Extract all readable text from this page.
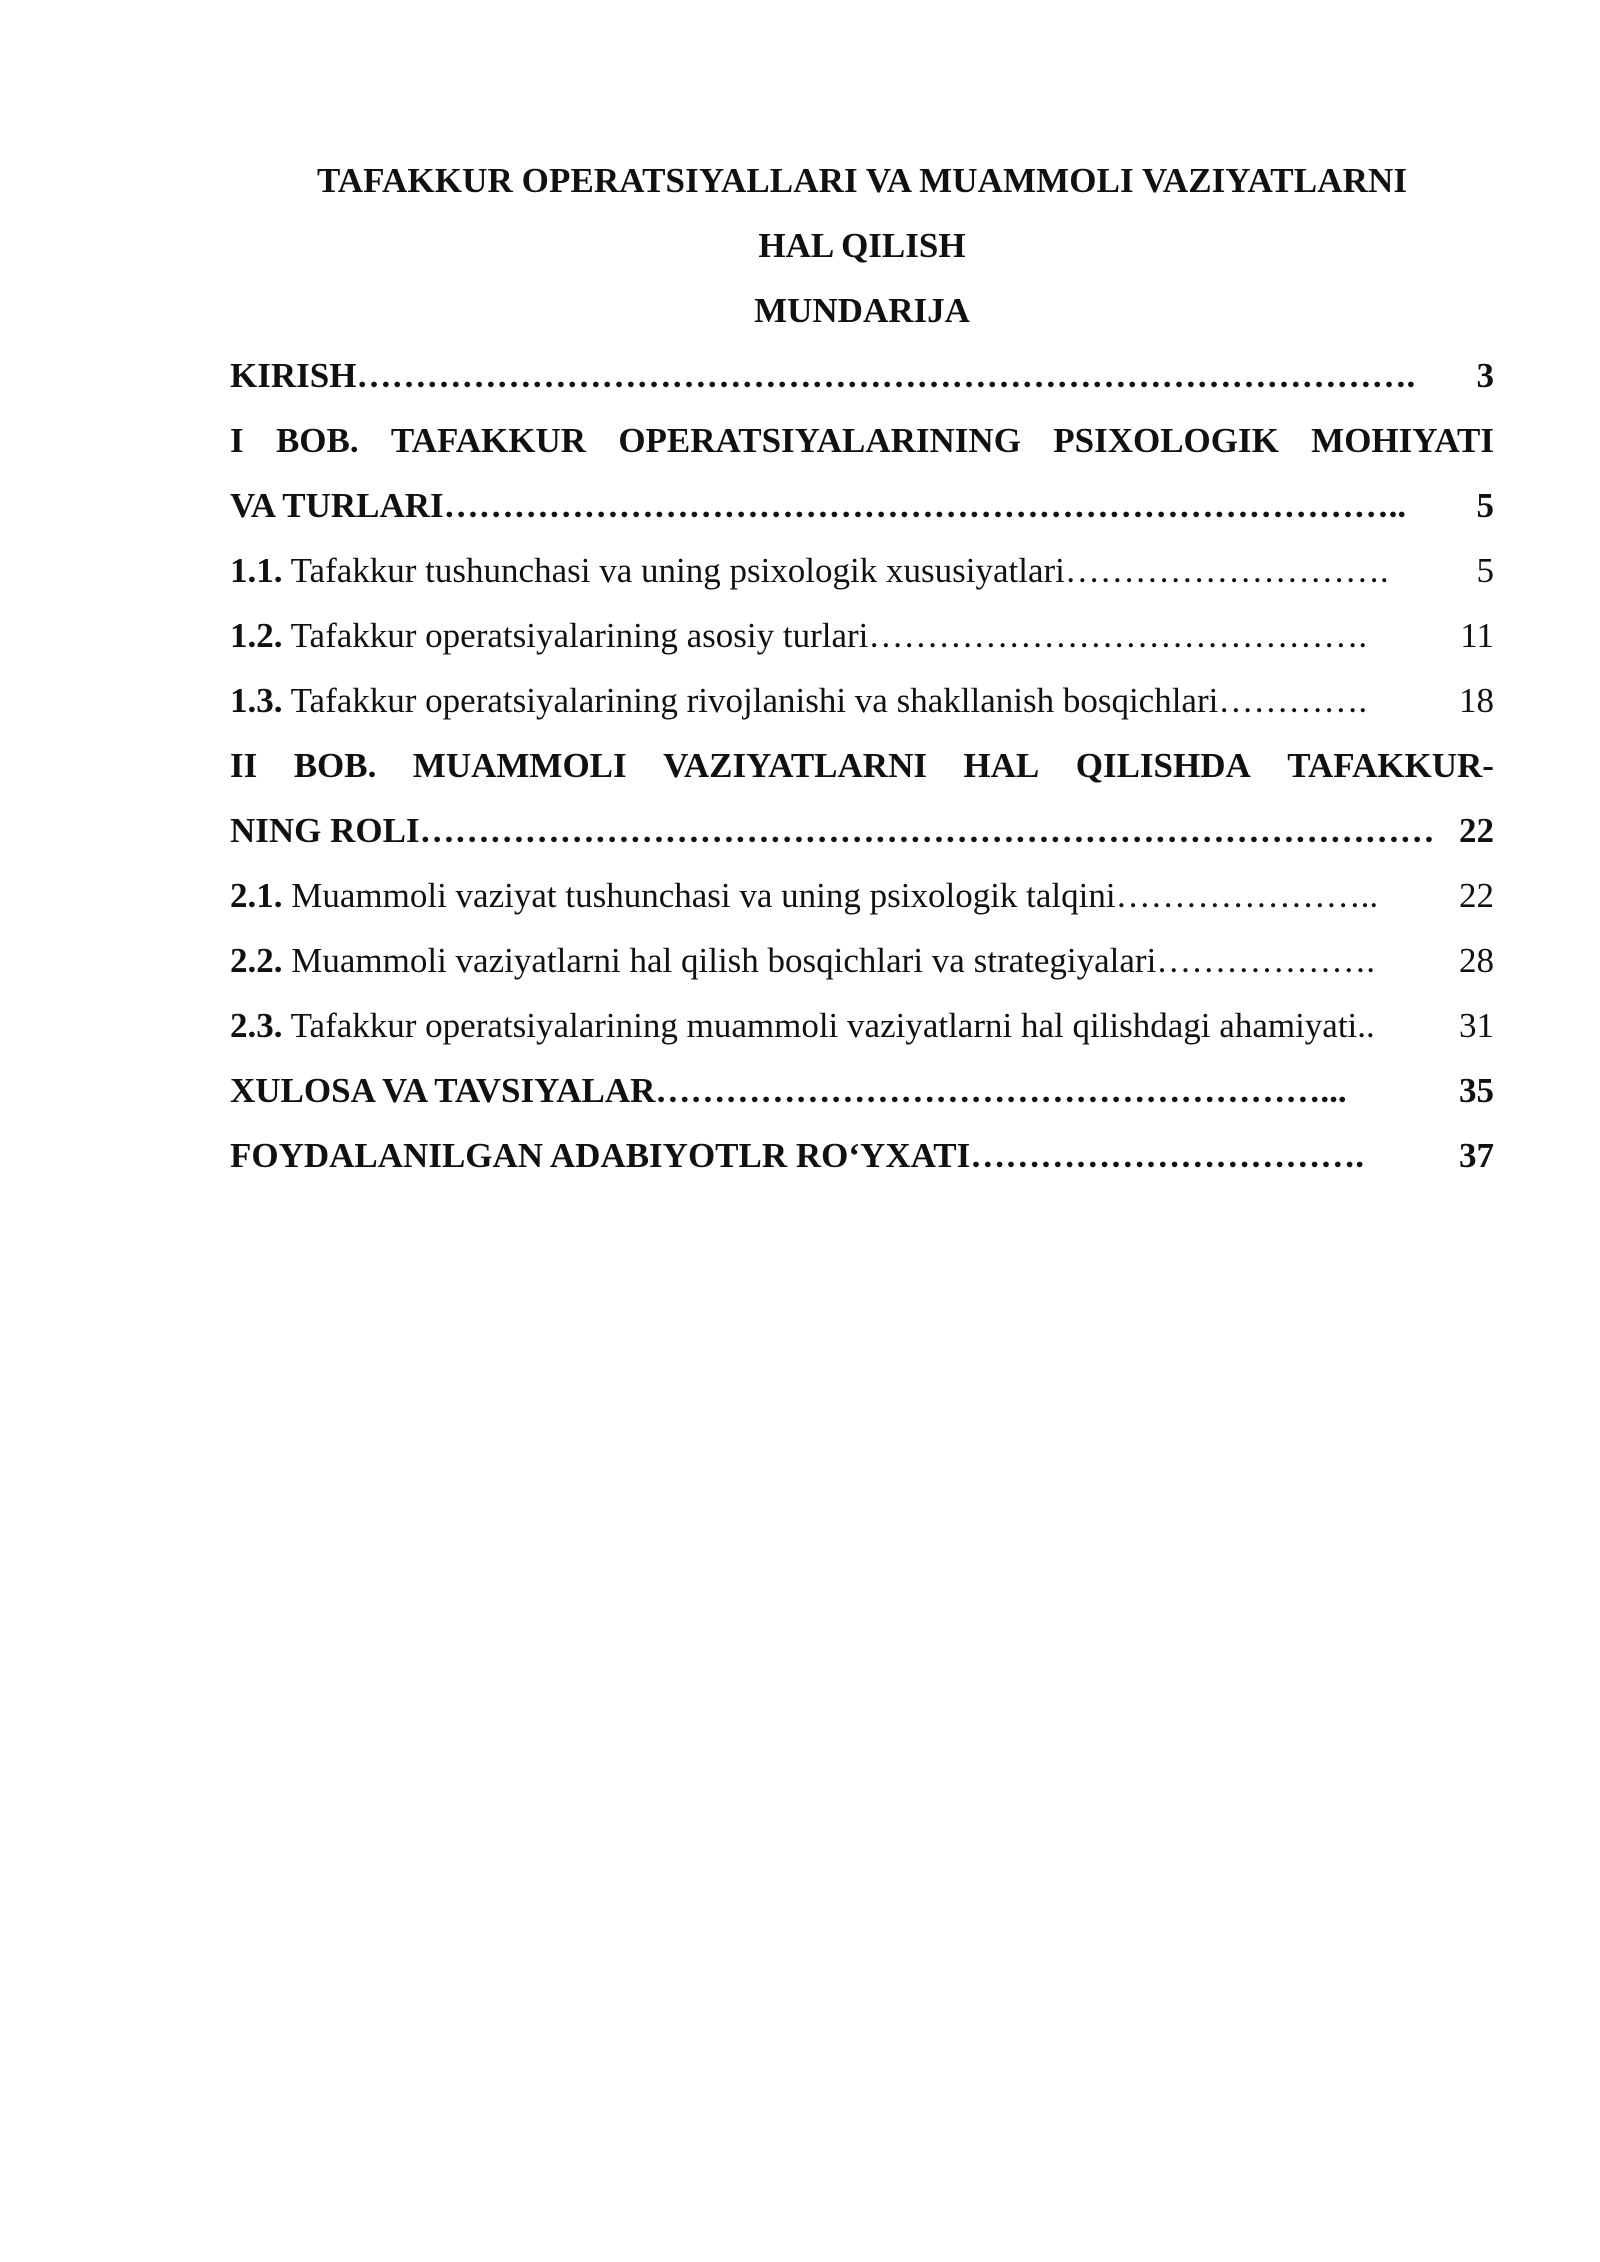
TAFAKKUR OPERATSIYALLARI VA MUAMMOLI VAZIYATLARNI
HAL QILISH
MUNDARIJA
KIRISH ……………………………………………………………………………….	3
I BOB. TAFAKKUR OPERATSIYALARINING PSIXOLOGIK MOHIYATI
VA TURLARI ………………………………………………………………………..	5
1.1. Tafakkur tushunchasi va uning psixologik xususiyatlari ……………………….	5
1.2. Tafakkur operatsiyalarining asosiy turlari …………………………………….	11
1.3. Tafakkur operatsiyalarining rivojlanishi va shakllanish bosqichlari ………….	18
II BOB. MUAMMOLI VAZIYATLARNI HAL QILISHDA TAFAKKUR-
NING ROLI …………………………………………………………………………… 22
2.1. Muammoli vaziyat tushunchasi va uning psixologik talqini …………………..	22
2.2. Muammoli vaziyatlarni hal qilish bosqichlari va strategiyalari ……………….	28
2.3. Tafakkur operatsiyalarining muammoli vaziyatlarni hal qilishdagi ahamiyati ..	31
XULOSA VA TAVSIYALAR …………………………………………………...	35
FOYDALANILGAN ADABIYOTLR RO‘YXATI …………………………….	37
